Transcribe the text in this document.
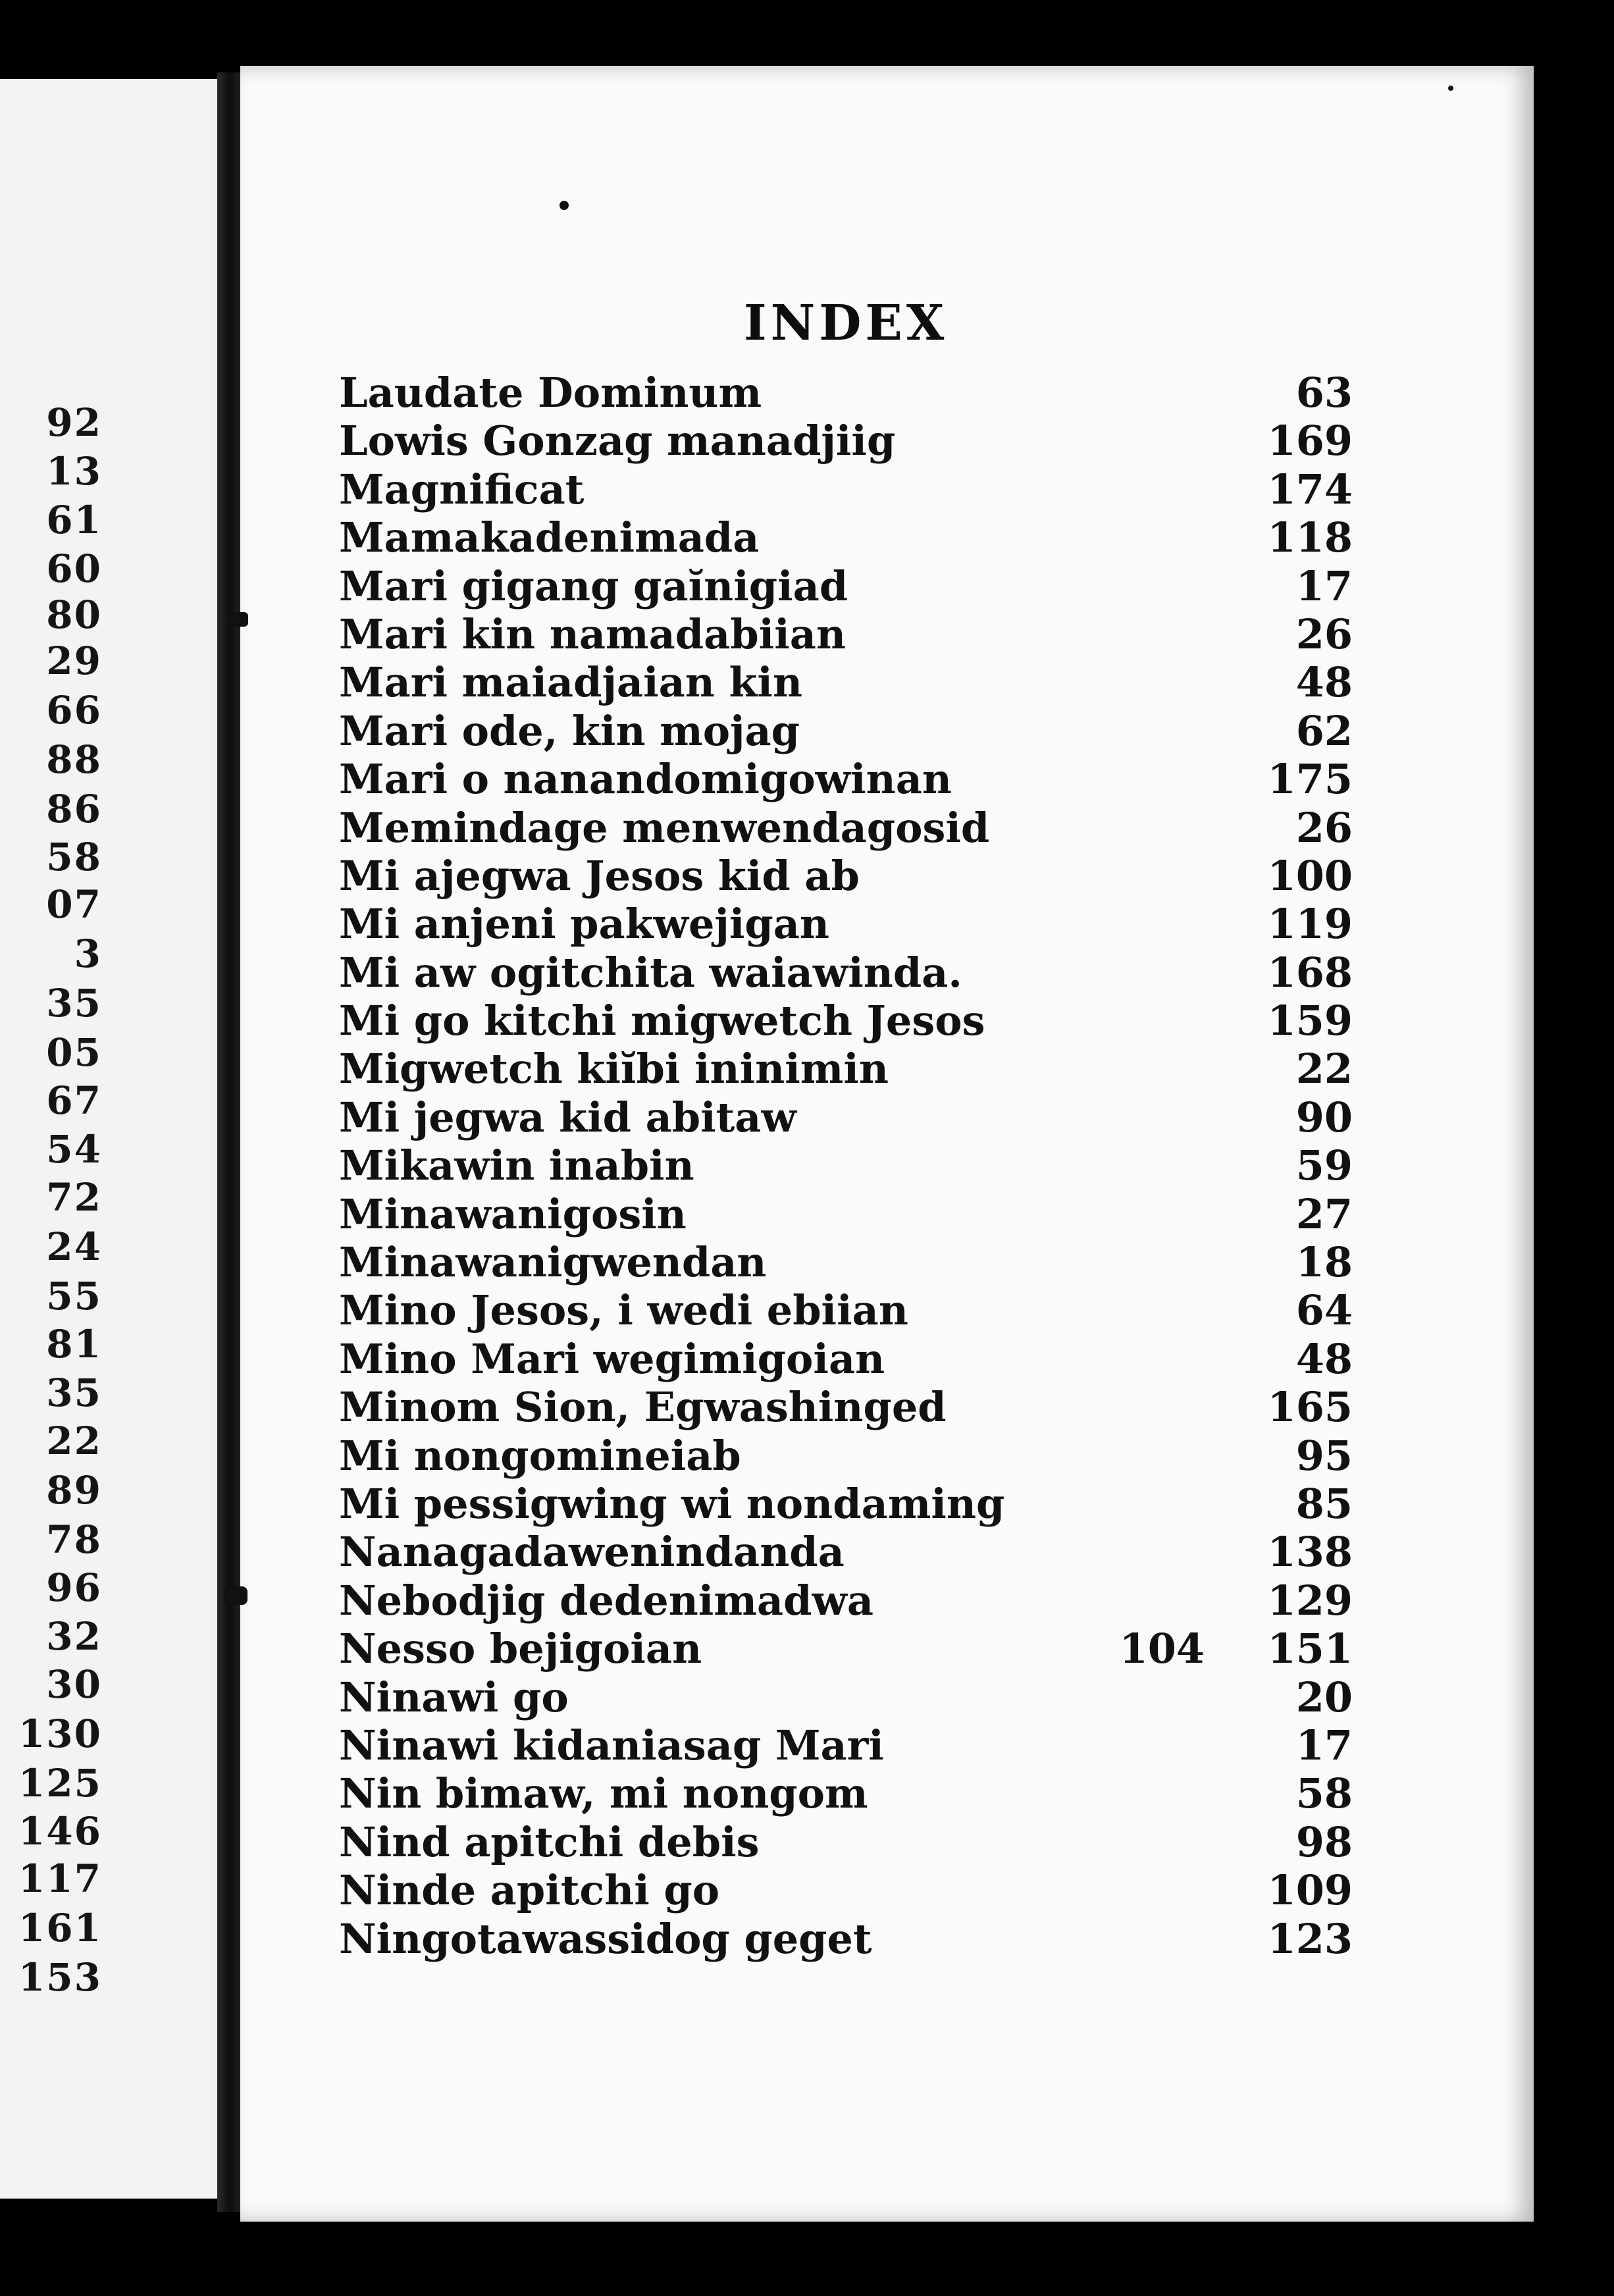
92
13
61
60
80
29
66
88
86
58
07
3
35
05
67
54
72
24
55
81
35
22
89
78
96
32
30
130
125
146
117
161
153
INDEX
Laudate Dominum	63
Lowis Gonzag manadjiig	169
Magnificat	174
Mamakadenimada	118
Mari gigang gaĭnigiad	17
Mari kin namadabiian	26
Mari maiadjaian kin	48
Mari ode, kin mojag	62
Mari o nanandomigowinan	175
Memindage menwendagosid	26
Mi ajegwa Jesos kid ab	100
Mi anjeni pakwejigan	119
Mi aw ogitchita waiawinda.	168
Mi go kitchi migwetch Jesos	159
Migwetch kiĭbi ininimin	22
Mi jegwa kid abitaw	90
Mikawin inabin	59
Minawanigosin	27
Minawanigwendan	18
Mino Jesos, i wedi ebiian	64
Mino Mari wegimigoian	48
Minom Sion, Egwashinged	165
Mi nongomineiab	95
Mi pessigwing wi nondaming	85
Nanagadawenindanda	138
Nebodjig dedenimadwa	129
Nesso bejigoian	104 151
Ninawi go	20
Ninawi kidaniasag Mari	17
Nin bimaw, mi nongom	58
Nind apitchi debis	98
Ninde apitchi go	109
Ningotawassidog geget	123
